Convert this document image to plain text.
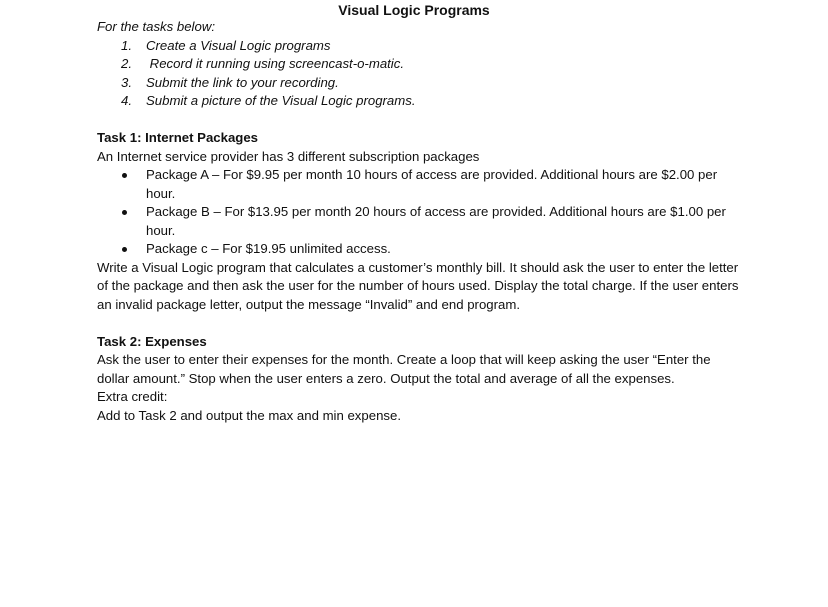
Visual Logic Programs

For the tasks below:

1. Create a Visual Logic programs
2. Record it running using screencast-o-matic.
3. Submit the link to your recording.
4. Submit a picture of the Visual Logic programs.
Task 1: Internet Packages

An Internet service provider has 3 different subscription packages

Package A – For $9.95 per month 10 hours of access are provided. Additional hours are $2.00 per hour.
Package B – For $13.95 per month 20 hours of access are provided. Additional hours are $1.00 per hour.
Package c – For $19.95 unlimited access.

Write a Visual Logic program that calculates a customer’s monthly bill. It should ask the user to enter the letter of the package and then ask the user for the number of hours used. Display the total charge. If the user enters an invalid package letter, output the message “Invalid” and end program.

Task 2: Expenses

Ask the user to enter their expenses for the month. Create a loop that will keep asking the user “Enter the dollar amount.” Stop when the user enters a zero. Output the total and average of all the expenses.

Extra credit:

Add to Task 2 and output the max and min expense.
